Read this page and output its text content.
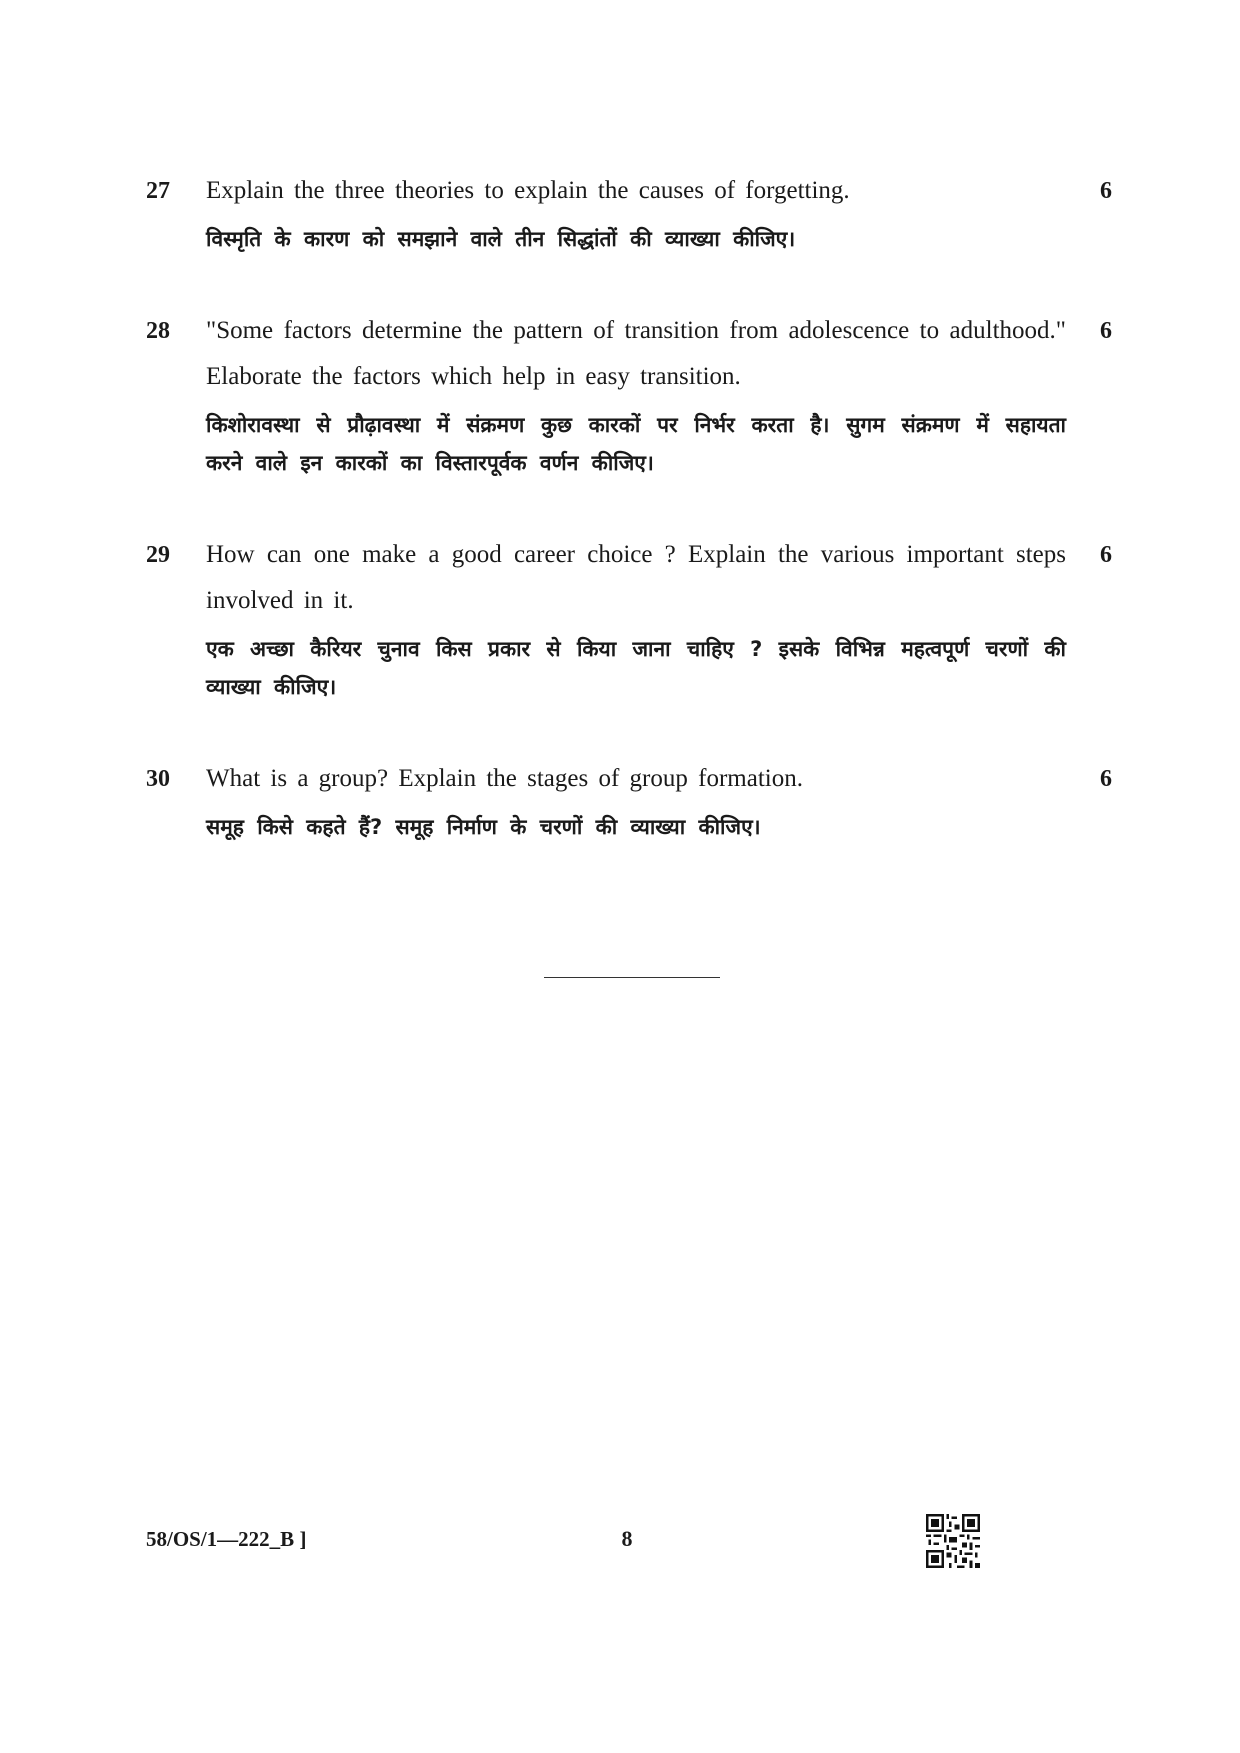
27 Explain the three theories to explain the causes of forgetting.

विस्मृति के कारण को समझाने वाले तीन सिद्धांतों की व्याख्या कीजिए।

6
28 "Some factors determine the pattern of transition from adolescence to adulthood." Elaborate the factors which help in easy transition.

किशोरावस्था से प्रौढ़ावस्था में संक्रमण कुछ कारकों पर निर्भर करता है। सुगम संक्रमण में सहायता करने वाले इन कारकों का विस्तारपूर्वक वर्णन कीजिए।

6
29 How can one make a good career choice ? Explain the various important steps involved in it.

एक अच्छा कैरियर चुनाव किस प्रकार से किया जाना चाहिए ? इसके विभिन्न महत्वपूर्ण चरणों की व्याख्या कीजिए।

6
30 What is a group? Explain the stages of group formation.

समूह किसे कहते हैं? समूह निर्माण के चरणों की व्याख्या कीजिए।

6
58/OS/1—222_B ]	8
